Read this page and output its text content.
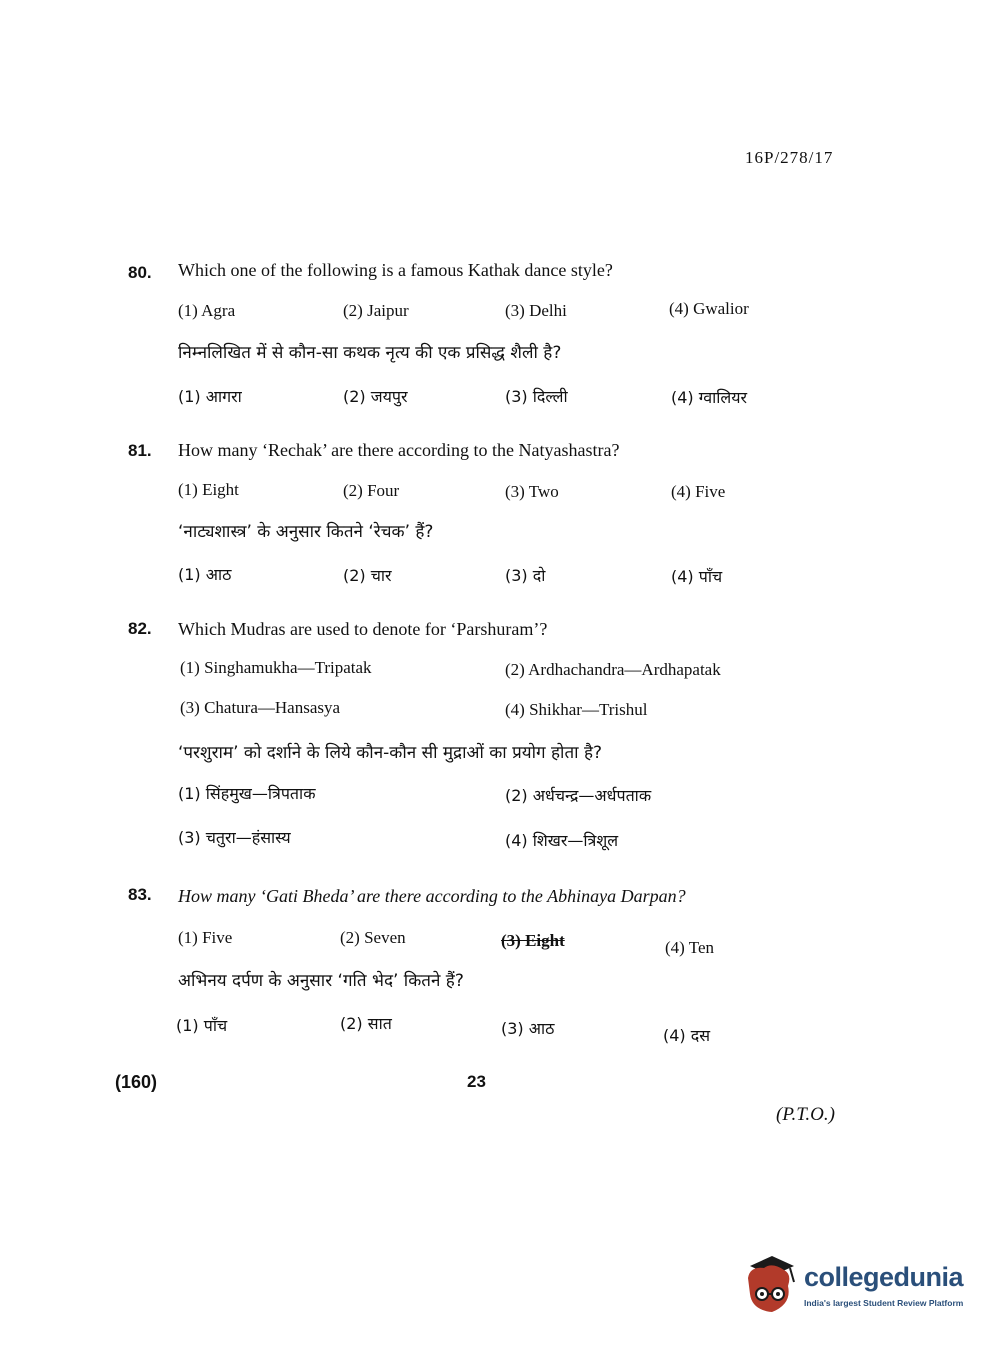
16P/278/17
80. Which one of the following is a famous Kathak dance style?
(1) Agra	(2) Jaipur	(3) Delhi	(4) Gwalior
निम्नलिखित में से कौन-सा कथक नृत्य की एक प्रसिद्ध शैली है?
(1) आगरा	(2) जयपुर	(3) दिल्ली	(4) ग्वालियर
81. How many ‘Rechak’ are there according to the Natyashastra?
(1) Eight	(2) Four	(3) Two	(4) Five
‘नाट्यशास्त्र’ के अनुसार कितने ‘रेचक’ हैं?
(1) आठ	(2) चार	(3) दो	(4) पाँच
82. Which Mudras are used to denote for ‘Parshuram’?
(1) Singhamukha—Tripatak	(2) Ardhachandra—Ardhapatak
(3) Chatura—Hansasya	(4) Shikhar—Trishul
‘परशुराम’ को दर्शाने के लिये कौन-कौन सी मुद्राओं का प्रयोग होता है?
(1) सिंहमुख—त्रिपताक	(2) अर्धचन्द्र—अर्धपताक
(3) चतुरा—हंसास्य	(4) शिखर—त्रिशूल
83. How many ‘Gati Bheda’ are there according to the Abhinaya Darpan?
(1) Five	(2) Seven	(3) Eight	(4) Ten
अभिनय दर्पण के अनुसार ‘गति भेद’ कितने हैं?
(1) पाँच	(2) सात	(3) आठ	(4) दस
(160)	23
(P.T.O.)
collegedunia
India's largest Student Review Platform
